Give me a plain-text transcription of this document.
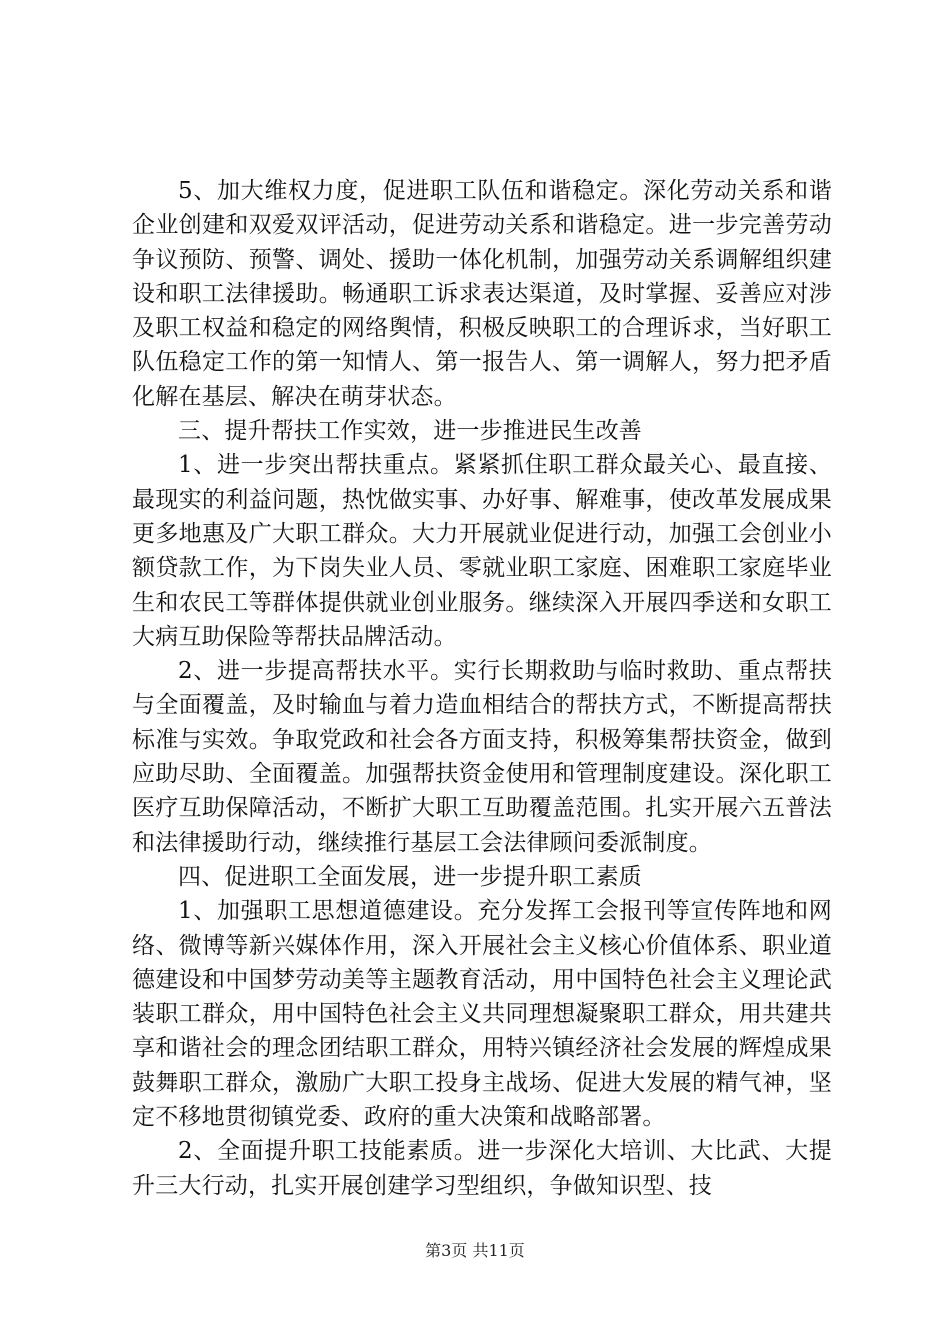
5、加大维权力度，促进职工队伍和谐稳定。深化劳动关系和谐企业创建和双爱双评活动，促进劳动关系和谐稳定。进一步完善劳动争议预防、预警、调处、援助一体化机制，加强劳动关系调解组织建设和职工法律援助。畅通职工诉求表达渠道，及时掌握、妥善应对涉及职工权益和稳定的网络舆情，积极反映职工的合理诉求，当好职工队伍稳定工作的第一知情人、第一报告人、第一调解人，努力把矛盾化解在基层、解决在萌芽状态。

三、提升帮扶工作实效，进一步推进民生改善

1、进一步突出帮扶重点。紧紧抓住职工群众最关心、最直接、最现实的利益问题，热忱做实事、办好事、解难事，使改革发展成果更多地惠及广大职工群众。大力开展就业促进行动，加强工会创业小额贷款工作，为下岗失业人员、零就业职工家庭、困难职工家庭毕业生和农民工等群体提供就业创业服务。继续深入开展四季送和女职工大病互助保险等帮扶品牌活动。

2、进一步提高帮扶水平。实行长期救助与临时救助、重点帮扶与全面覆盖，及时输血与着力造血相结合的帮扶方式，不断提高帮扶标准与实效。争取党政和社会各方面支持，积极筹集帮扶资金，做到应助尽助、全面覆盖。加强帮扶资金使用和管理制度建设。深化职工医疗互助保障活动，不断扩大职工互助覆盖范围。扎实开展六五普法和法律援助行动，继续推行基层工会法律顾问委派制度。

四、促进职工全面发展，进一步提升职工素质

1、加强职工思想道德建设。充分发挥工会报刊等宣传阵地和网络、微博等新兴媒体作用，深入开展社会主义核心价值体系、职业道德建设和中国梦劳动美等主题教育活动，用中国特色社会主义理论武装职工群众，用中国特色社会主义共同理想凝聚职工群众，用共建共享和谐社会的理念团结职工群众，用特兴镇经济社会发展的辉煌成果鼓舞职工群众，激励广大职工投身主战场、促进大发展的精气神，坚定不移地贯彻镇党委、政府的重大决策和战略部署。

2、全面提升职工技能素质。进一步深化大培训、大比武、大提升三大行动，扎实开展创建学习型组织，争做知识型、技

第3页 共11页
